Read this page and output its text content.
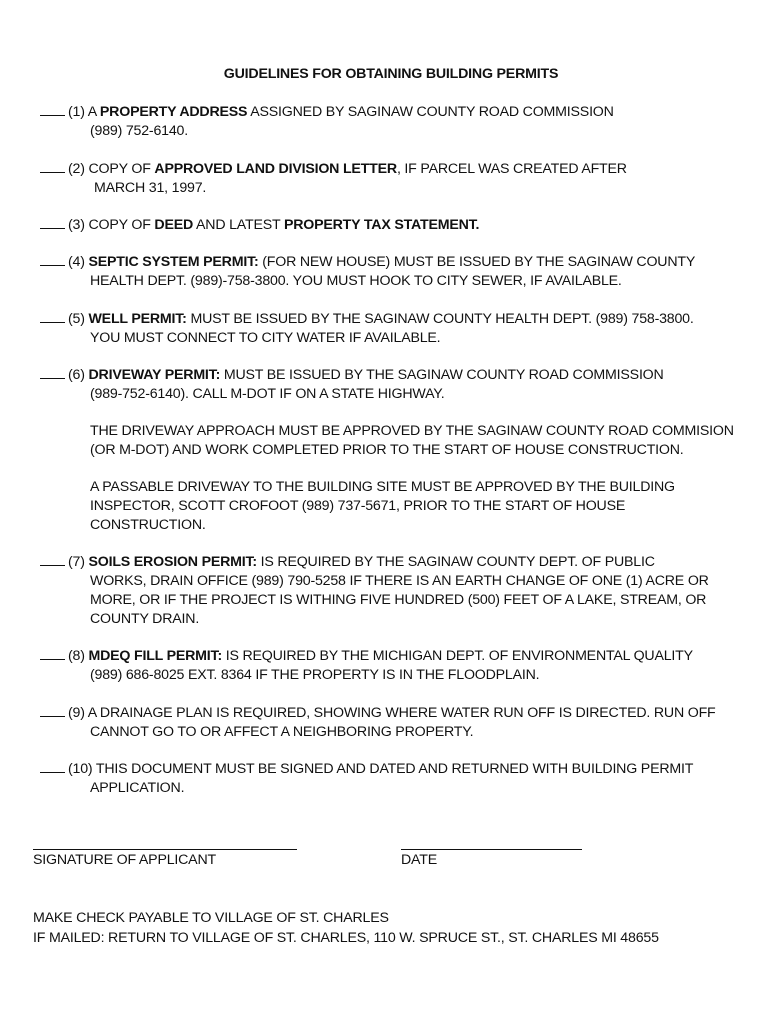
GUIDELINES FOR OBTAINING BUILDING PERMITS
(1) A PROPERTY ADDRESS ASSIGNED BY SAGINAW COUNTY ROAD COMMISSION
(989) 752-6140.
(2) COPY OF APPROVED LAND DIVISION LETTER, IF PARCEL WAS CREATED AFTER
MARCH 31, 1997.
(3) COPY OF DEED AND LATEST PROPERTY TAX STATEMENT.
(4) SEPTIC SYSTEM PERMIT: (FOR NEW HOUSE) MUST BE ISSUED BY THE SAGINAW COUNTY
HEALTH DEPT. (989)-758-3800. YOU MUST HOOK TO CITY SEWER, IF AVAILABLE.
(5) WELL PERMIT: MUST BE ISSUED BY THE SAGINAW COUNTY HEALTH DEPT. (989) 758-3800.
YOU MUST CONNECT TO CITY WATER IF AVAILABLE.
(6) DRIVEWAY PERMIT: MUST BE ISSUED BY THE SAGINAW COUNTY ROAD COMMISSION
(989-752-6140). CALL M-DOT IF ON A STATE HIGHWAY.
THE DRIVEWAY APPROACH MUST BE APPROVED BY THE SAGINAW COUNTY ROAD COMMISION
(OR M-DOT) AND WORK COMPLETED PRIOR TO THE START OF HOUSE CONSTRUCTION.
A PASSABLE DRIVEWAY TO THE BUILDING SITE MUST BE APPROVED BY THE BUILDING
INSPECTOR, SCOTT CROFOOT (989) 737-5671, PRIOR TO THE START OF HOUSE
CONSTRUCTION.
(7) SOILS EROSION PERMIT: IS REQUIRED BY THE SAGINAW COUNTY DEPT. OF PUBLIC
WORKS, DRAIN OFFICE (989) 790-5258 IF THERE IS AN EARTH CHANGE OF ONE (1) ACRE OR
MORE, OR IF THE PROJECT IS WITHING FIVE HUNDRED (500) FEET OF A LAKE, STREAM, OR
COUNTY DRAIN.
(8) MDEQ FILL PERMIT: IS REQUIRED BY THE MICHIGAN DEPT. OF ENVIRONMENTAL QUALITY
(989) 686-8025 EXT. 8364 IF THE PROPERTY IS IN THE FLOODPLAIN.
(9) A DRAINAGE PLAN IS REQUIRED, SHOWING WHERE WATER RUN OFF IS DIRECTED. RUN OFF
CANNOT GO TO OR AFFECT A NEIGHBORING PROPERTY.
(10) THIS DOCUMENT MUST BE SIGNED AND DATED AND RETURNED WITH BUILDING PERMIT
APPLICATION.
SIGNATURE OF APPLICANT	DATE
MAKE CHECK PAYABLE TO VILLAGE OF ST. CHARLES
IF MAILED: RETURN TO VILLAGE OF ST. CHARLES, 110 W. SPRUCE ST., ST. CHARLES MI 48655
